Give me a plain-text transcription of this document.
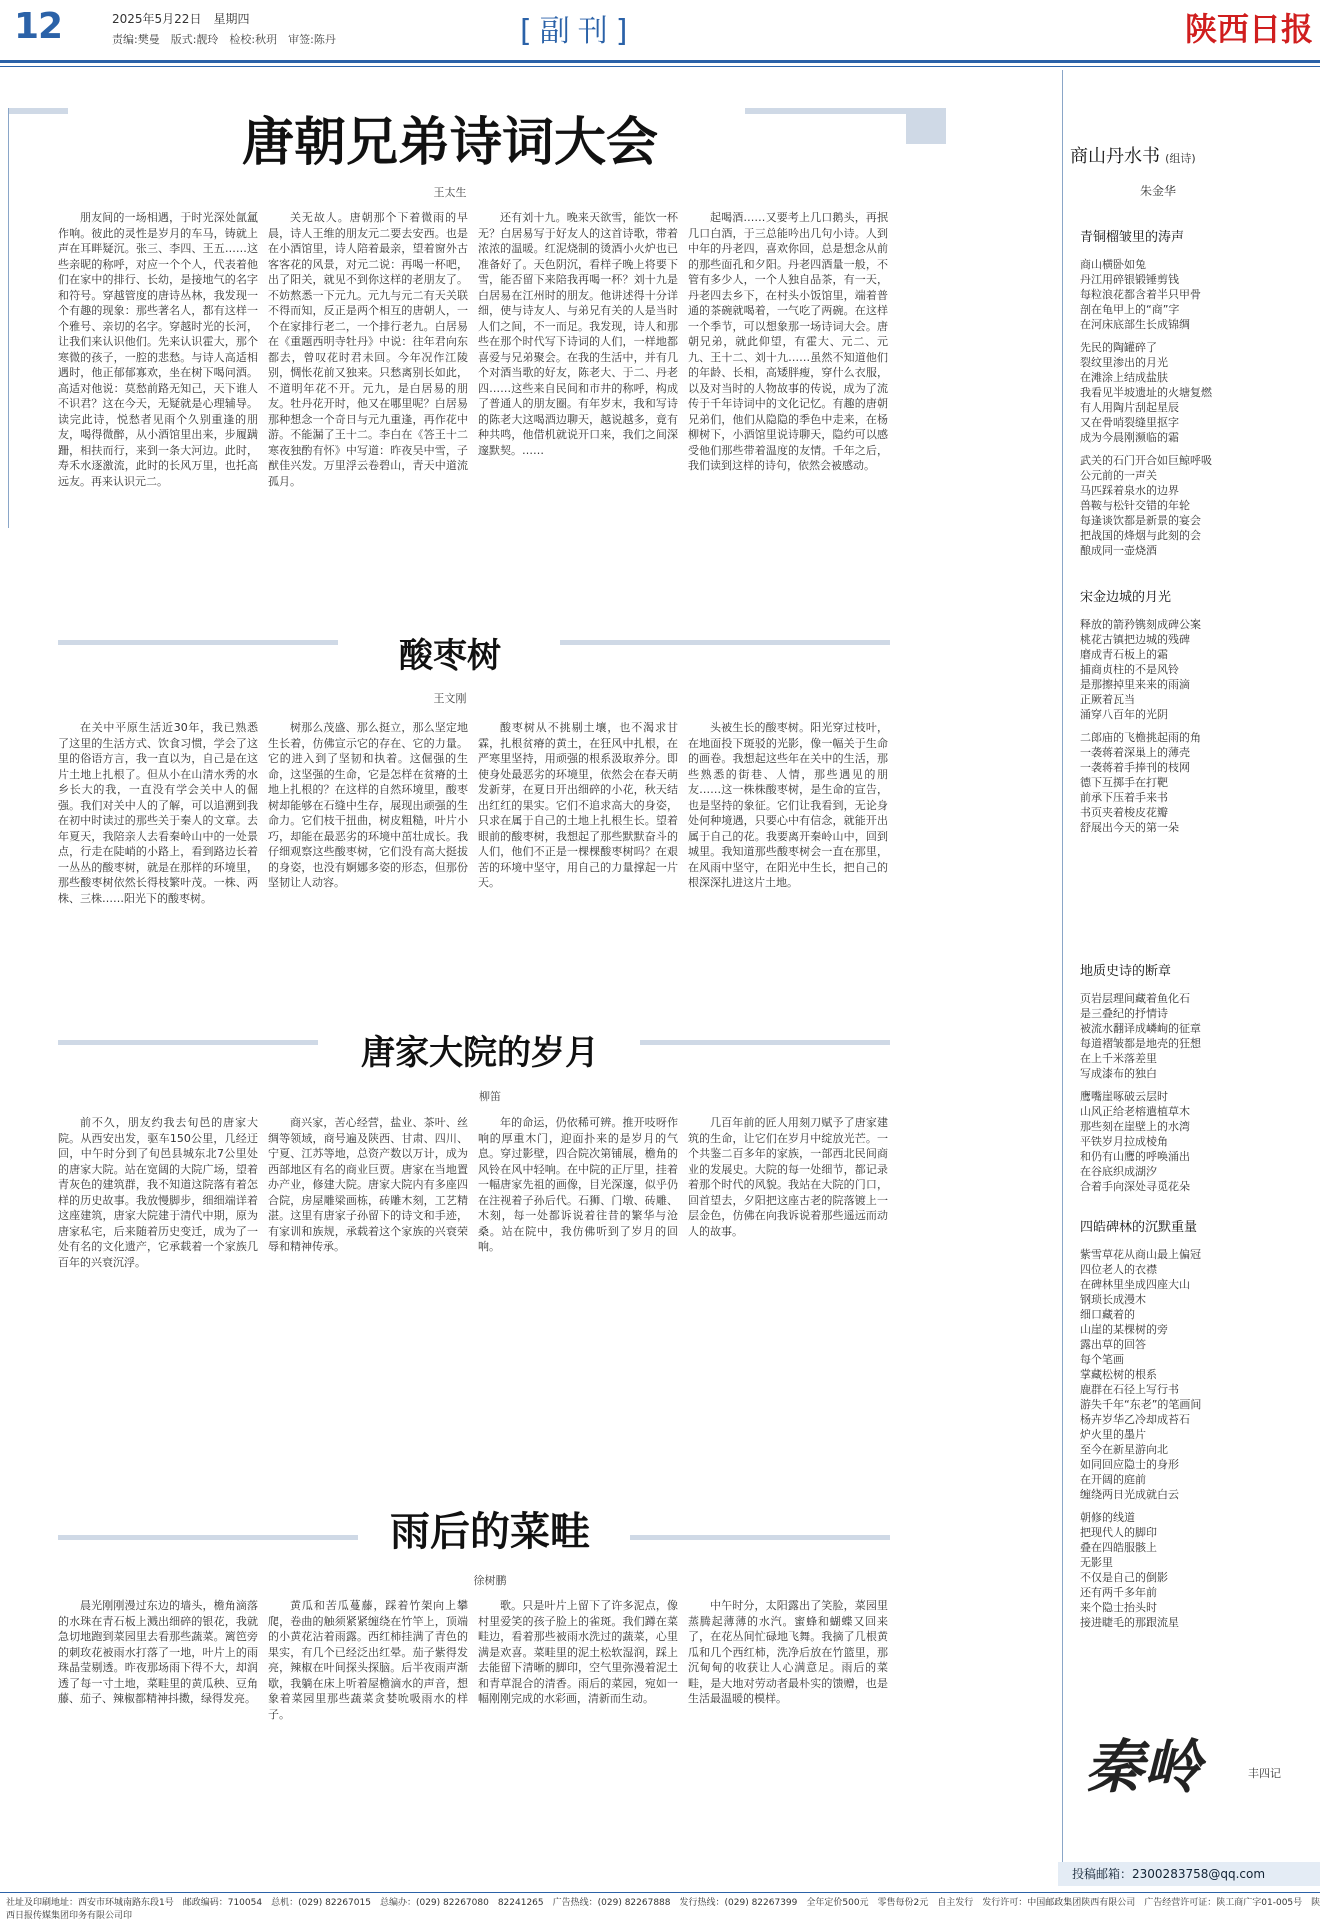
12	2025年5月22日　星期四
责编:樊曼　版式:靓玲　检校:秋玥　审签:陈丹	[副刊]	陕西日报
唐朝兄弟诗词大会
王太生

朋友间的一场相遇，于时光深处氤氲作响。彼此的灵性是岁月的车马，铸就上声在耳畔疑沉。张三、李四、王五……这些亲昵的称呼，对应一个个人，代表着他们在家中的排行、长幼，是接地气的名字和符号。穿越管度的唐诗丛林，我发现一个有趣的现象：那些著名人，都有这样一个雅号、亲切的名字。穿越时光的长河，让我们来认识他们。先来认识霍大，那个寒微的孩子，一腔的悲愁。与诗人高适相遇时，他正郁郁寡欢，坐在树下喝问酒。高适对他说：莫愁前路无知己，天下谁人不识君？这在今天，无疑就是心理辅导。读完此诗，悦愁者见雨个久别重逢的朋友，喝得微醉，从小酒馆里出来，步履蹒跚，相扶而行，来到一条大河边。此时，寿禾水逐激流，此时的长风万里，也托高远友。再来认识元二。

关无故人。唐朝那个下着微雨的早晨，诗人王维的朋友元二要去安西。也是在小酒馆里，诗人陪着最亲，望着窗外古客客花的风景，对元二说：再喝一杯吧，出了阳关，就见不到你这样的老朋友了。不妨熬悉一下元九。元九与元二有天关联不得而知，反正是两个相互的唐朝人，一个在家排行老二，一个排行老九。白居易在《重题西明寺牡丹》中说：往年君向东都去，曾叹花时君未回。今年况作江陵别，惆怅花前又独来。只愁离别长如此，不道明年花不开。元九，是白居易的朋友。牡丹花开时，他又在哪里呢？白居易那种想念一个奇日与元九重逢，再作花中游。不能漏了王十二。李白在《答王十二寒夜独酌有怀》中写道：昨夜吴中雪，子猷佳兴发。万里浮云卷碧山，青天中道流孤月。

还有刘十九。晚来天欲雪，能饮一杯无？白居易写于好友人的这首诗歌，带着浓浓的温暖。红泥烧制的烫酒小火炉也已准备好了。天色阴沉，看样子晚上将要下雪，能否留下来陪我再喝一杯？刘十九是白居易在江州时的朋友。他讲述得十分详细，使与诗友人、与弟兄有关的人是当时人们之间，不一而足。我发现，诗人和那些在那个时代写下诗词的人们，一样地都喜爱与兄弟聚会。在我的生活中，并有几个对酒当歌的好友，陈老大、于二、丹老四……这些来自民间和市井的称呼，构成了普通人的朋友圈。有年岁末，我和写诗的陈老大这喝酒边聊天，越说越多，竟有种共鸣，他借机就说开口来，我们之间深邃默契。……

起喝酒……又要考上几口鹅头，再抿几口白酒，于三总能吟出几句小诗。人到中年的丹老四，喜欢你回，总是想念从前的那些面孔和夕阳。丹老四酒量一般，不管有多少人，一个人独自品茶，有一天，丹老四去乡下，在村头小饭馆里，端着普通的茶碗就喝着，一气吃了两碗。在这样一个季节，可以想象那一场诗词大会。唐朝兄弟，就此仰望，有霍大、元二、元九、王十二、刘十九……虽然不知道他们的年龄、长相，高矮胖瘦，穿什么衣服，以及对当时的人物故事的传说，成为了流传于千年诗词中的文化记忆。有趣的唐朝兄弟们，他们从隐隐的季色中走来，在杨柳树下，小酒馆里说诗聊天，隐约可以感受他们那些带着温度的友情。千年之后，我们读到这样的诗句，依然会被感动。

酸枣树
王文刚

在关中平原生活近30年，我已熟悉了这里的生活方式、饮食习惯，学会了这里的俗语方言，我一直以为，自己是在这片土地上扎根了。但从小在山清水秀的水乡长大的我，一直没有学会关中人的倔强。我们对关中人的了解，可以追溯到我在初中时读过的那些关于秦人的文章。去年夏天，我陪亲人去看秦岭山中的一处景点，行走在陡峭的小路上，看到路边长着一丛丛的酸枣树，就是在那样的环境里，那些酸枣树依然长得枝繁叶茂。一株、两株、三株……阳光下的酸枣树。

树那么茂盛、那么挺立，那么坚定地生长着，仿佛宣示它的存在、它的力量。它的进入到了坚韧和执着。这倔强的生命，这坚强的生命，它是怎样在贫瘠的土地上扎根的？在这样的自然环境里，酸枣树却能够在石缝中生存，展现出顽强的生命力。它们枝干扭曲，树皮粗糙，叶片小巧，却能在最恶劣的环境中茁壮成长。我仔细观察这些酸枣树，它们没有高大挺拔的身姿，也没有婀娜多姿的形态，但那份坚韧让人动容。

酸枣树从不挑剔土壤，也不渴求甘霖，扎根贫瘠的黄土，在狂风中扎根，在严寒里坚持，用顽强的根系汲取养分。即使身处最恶劣的环境里，依然会在春天萌发新芽，在夏日开出细碎的小花，秋天结出红红的果实。它们不追求高大的身姿，只求在属于自己的土地上扎根生长。望着眼前的酸枣树，我想起了那些默默奋斗的人们，他们不正是一棵棵酸枣树吗？在艰苦的环境中坚守，用自己的力量撑起一片天。

头被生长的酸枣树。阳光穿过枝叶，在地面投下斑驳的光影，像一幅关于生命的画卷。我想起这些年在关中的生活，那些熟悉的街巷、人情，那些遇见的朋友……这一株株酸枣树，是生命的宣告，也是坚持的象征。它们让我看到，无论身处何种境遇，只要心中有信念，就能开出属于自己的花。我要离开秦岭山中，回到城里。我知道那些酸枣树会一直在那里，在风雨中坚守，在阳光中生长，把自己的根深深扎进这片土地。

唐家大院的岁月
柳笛

前不久，朋友约我去旬邑的唐家大院。从西安出发，驱车150公里，几经迂回，中午时分到了旬邑县城东北7公里处的唐家大院。站在宽阔的大院广场，望着青灰色的建筑群，我不知道这院落有着怎样的历史故事。我放慢脚步，细细端详着这座建筑，唐家大院建于清代中期，原为唐家私宅，后来随着历史变迁，成为了一处有名的文化遗产，它承载着一个家族几百年的兴衰沉浮。

商兴家，苦心经营，盐业、茶叶、丝绸等领域，商号遍及陕西、甘肃、四川、宁夏、江苏等地，总资产数以万计，成为西部地区有名的商业巨贾。唐家在当地置办产业，修建大院。唐家大院内有多座四合院，房屋雕梁画栋，砖雕木刻，工艺精湛。这里有唐家子孙留下的诗文和手迹，有家训和族规，承载着这个家族的兴衰荣辱和精神传承。

年的命运，仍依稀可辨。推开吱呀作响的厚重木门，迎面扑来的是岁月的气息。穿过影壁，四合院次第铺展，檐角的风铃在风中轻响。在中院的正厅里，挂着一幅唐家先祖的画像，目光深邃，似乎仍在注视着子孙后代。石狮、门墩、砖雕、木刻，每一处都诉说着往昔的繁华与沧桑。站在院中，我仿佛听到了岁月的回响。

几百年前的匠人用刻刀赋予了唐家建筑的生命，让它们在岁月中绽放光芒。一个共鉴二百多年的家族，一部西北民间商业的发展史。大院的每一处细节，都记录着那个时代的风貌。我站在大院的门口，回首望去，夕阳把这座古老的院落镀上一层金色，仿佛在向我诉说着那些遥远而动人的故事。

雨后的菜畦
徐树鹏

晨光刚刚漫过东边的墙头，檐角滴落的水珠在青石板上溅出细碎的银花，我就急切地跑到菜园里去看那些蔬菜。篱笆旁的刺玫花被雨水打落了一地，叶片上的雨珠晶莹剔透。昨夜那场雨下得不大，却润透了每一寸土地，菜畦里的黄瓜秧、豆角藤、茄子、辣椒都精神抖擞，绿得发亮。

黄瓜和苦瓜蔓藤，踩着竹架向上攀爬，卷曲的触须紧紧缠绕在竹竿上，顶端的小黄花沾着雨露。西红柿挂满了青色的果实，有几个已经泛出红晕。茄子紫得发亮，辣椒在叶间探头探脑。后半夜雨声渐歇，我躺在床上听着屋檐滴水的声音，想象着菜园里那些蔬菜贪婪吮吸雨水的样子。

歌。只是叶片上留下了许多泥点，像村里爱笑的孩子脸上的雀斑。我们蹲在菜畦边，看着那些被雨水洗过的蔬菜，心里满是欢喜。菜畦里的泥土松软湿润，踩上去能留下清晰的脚印，空气里弥漫着泥土和青草混合的清香。雨后的菜园，宛如一幅刚刚完成的水彩画，清新而生动。

中午时分，太阳露出了笑脸，菜园里蒸腾起薄薄的水汽。蜜蜂和蝴蝶又回来了，在花丛间忙碌地飞舞。我摘了几根黄瓜和几个西红柿，洗净后放在竹篮里，那沉甸甸的收获让人心满意足。雨后的菜畦，是大地对劳动者最朴实的馈赠，也是生活最温暖的模样。

商山丹水书 (组诗)
朱金华
青铜榴皱里的涛声
商山横卧如兔
丹江用碎银锻锤剪钱
每粒浪花都含着半只甲骨
剖在龟甲上的“商”字
在河床底部生长成锦绸
先民的陶罐碎了
裂纹里渗出的月光
在滩涂上结成盐肤
我看见半坡遗址的火塘复燃
有人用陶片刮起星辰
又在骨哨裂缝里抠字
成为今晨刚濒临的霜
武关的石门开合如巨鲸呼吸
公元前的一声关
马匹踩着泉水的边界
兽鞍与松针交错的年轮
每逢谈饮都是新景的宴会
把战国的烽烟与此刻的会
酿成同一壶烧酒
宋金边城的月光
释放的箭矜镌刻成碑公案
桃花古镇把边城的残碑
磨成青石板上的霜
捕商贞柱的不是风铃
是那擦掉里来来的雨滴
正厥着瓦当
涌穿八百年的光阴
二郎庙的飞檐挑起雨的角
一袭蒋着深巢上的薄壳
一袭蒋着手捧刊的枝网
德下互掷手在打靶
前承下压着手来书
书页夹着梭皮花瓣
舒展出今天的第一朵
地质史诗的断章
页岩层理间藏着鱼化石
是三叠纪的抒情诗
被流水翻译成嶙峋的征章
每道褶皱都是地壳的狂想
在上千米落差里
写成漆布的独白
鹰嘴崖啄破云层时
山风正给老榕遣植草木
那些刻在崖壁上的水湾
平铁岁月拉成棱角
和仍有山鹰的呼唤涌出
在谷底织成湖汐
合着手向深处寻觅花朵
四皓碑林的沉默重量
紫雪草花从商山最上偏冠
四位老人的衣襟
在碑林里坐成四座大山
钢琐长成漫木
细口藏着的
山崖的某棵树的旁
露出草的回答
每个笔画
掌藏松树的根系
鹿群在石径上写行书
游失千年“东老”的笔画间
杨卉岁华乙冷却成苔石
炉火里的墨片
至今在新星游向北
如同回应隐士的身形
在开阔的庭前
缠绕两日光成就白云
朝修的线道
把现代人的脚印
叠在四皓服骸上
无影里
不仅是自己的倒影
还有两千多年前
来个隐士抬头时
接进睫毛的那跟流星
秦岭	丰四记
投稿邮箱：2300283758@qq.com
社址及印刷地址：西安市环城南路东段1号　邮政编码：710054　总机：(029) 82267015　总编办：(029) 82267080　82241265　广告热线：(029) 82267888　发行热线：(029) 82267399　全年定价500元　零售每份2元　自主发行　发行许可：中国邮政集团陕西有限公司　广告经营许可证：陕工商广字01-005号　陕西日报传媒集团印务有限公司印
